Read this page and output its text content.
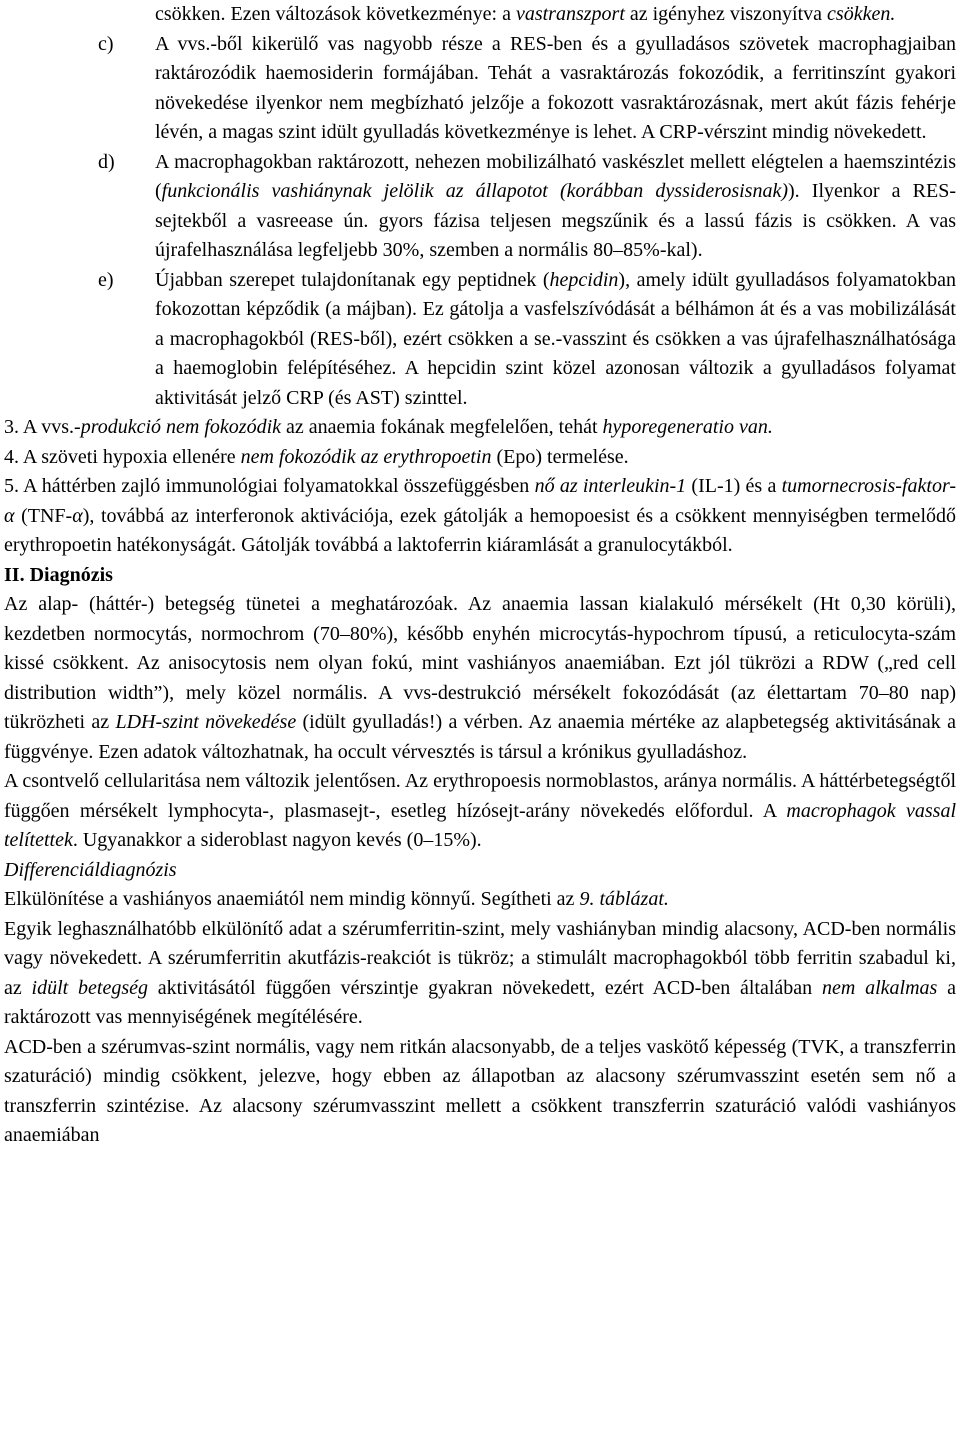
csökken. Ezen változások következménye: a vastranszport az igényhez viszonyítva csökken.

c) A vvs.-ből kikerülő vas nagyobb része a RES-ben és a gyulladásos szövetek macrophagjaiban raktározódik haemosiderin formájában. Tehát a vasraktározás fokozódik, a ferritinszínt gyakori növekedése ilyenkor nem megbízható jelzője a fokozott vasraktározásnak, mert akút fázis fehérje lévén, a magas szint idült gyulladás következménye is lehet. A CRP-vérszint mindig növekedett.

d) A macrophagokban raktározott, nehezen mobilizálható vaskészlet mellett elégtelen a haemszintézis (funkcionális vashiánynak jelölik az állapotot (korábban dyssiderosisnak)). Ilyenkor a RES-sejtekből a vasreease ún. gyors fázisa teljesen megszűnik és a lassú fázis is csökken. A vas újrafelhasználása legfeljebb 30%, szemben a normális 80–85%-kal).

e) Újabban szerepet tulajdonítanak egy peptidnek (hepcidin), amely idült gyulladásos folyamatokban fokozottan képződik (a májban). Ez gátolja a vasfelszívódását a bélhámon át és a vas mobilizálását a macrophagokból (RES-ből), ezért csökken a se.-vasszint és csökken a vas újrafelhasználhatósága a haemoglobin felépítéséhez. A hepcidin szint közel azonosan változik a gyulladásos folyamat aktivitását jelző CRP (és AST) szinttel.

3. A vvs.-produkció nem fokozódik az anaemia fokának megfelelően, tehát hyporegeneratio van.

4. A szöveti hypoxia ellenére nem fokozódik az erythropoetin (Epo) termelése.

5. A háttérben zajló immunológiai folyamatokkal összefüggésben nő az interleukin-1 (IL-1) és a tumornecrosis-faktor-α (TNF-α), továbbá az interferonok aktivációja, ezek gátolják a hemopoesist és a csökkent mennyiségben termelődő erythropoetin hatékonyságát. Gátolják továbbá a laktoferrin kiáramlását a granulocytákból.

II. Diagnózis

Az alap- (háttér-) betegség tünetei a meghatározóak. Az anaemia lassan kialakuló mérsékelt (Ht 0,30 körüli), kezdetben normocytás, normochrom (70–80%), később enyhén microcytás-hypochrom típusú, a reticulocyta-szám kissé csökkent. Az anisocytosis nem olyan fokú, mint vashiányos anaemiában. Ezt jól tükrözi a RDW („red cell distribution width”), mely közel normális. A vvs-destrukció mérsékelt fokozódását (az élettartam 70–80 nap) tükrözheti az LDH-szint növekedése (idült gyulladás!) a vérben. Az anaemia mértéke az alapbetegség aktivitásának a függvénye. Ezen adatok változhatnak, ha occult vérvesztés is társul a krónikus gyulladáshoz.

A csontvelő cellularitása nem változik jelentősen. Az erythropoesis normoblastos, aránya normális. A háttérbetegségtől függően mérsékelt lymphocyta-, plasmasejt-, esetleg hízósejt-arány növekedés előfordul. A macrophagok vassal telítettek. Ugyanakkor a sideroblast nagyon kevés (0–15%).

Differenciáldiagnózis

Elkülönítése a vashiányos anaemiától nem mindig könnyű. Segítheti az 9. táblázat.

Egyik leghasználhatóbb elkülönítő adat a szérumferritin-szint, mely vashiányban mindig alacsony, ACD-ben normális vagy növekedett. A szérumferritin akutfázis-reakciót is tükröz; a stimulált macrophagokból több ferritin szabadul ki, az idült betegség aktivitásától függően vérszintje gyakran növekedett, ezért ACD-ben általában nem alkalmas a raktározott vas mennyiségének megítélésére.

ACD-ben a szérumvas-szint normális, vagy nem ritkán alacsonyabb, de a teljes vaskötő képesség (TVK, a transzferrin szaturáció) mindig csökkent, jelezve, hogy ebben az állapotban az alacsony szérumvasszint esetén sem nő a transzferrin szintézise. Az alacsony szérumvasszint mellett a csökkent transzferrin szaturáció valódi vashiányos anaemiában
